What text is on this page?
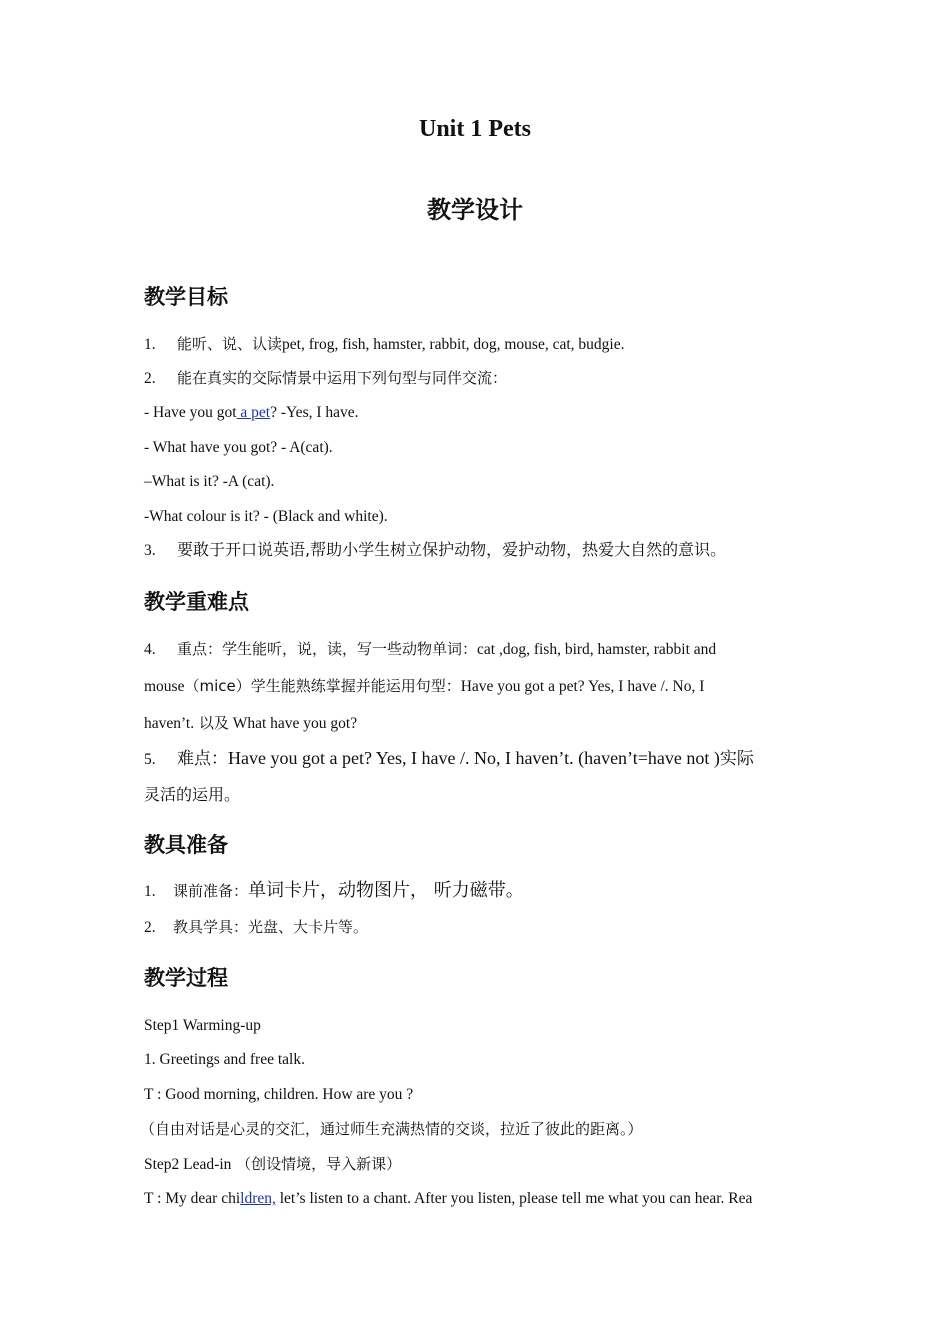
Unit 1 Pets
教学设计
教学目标
1. 能听、说、认读pet, frog, fish, hamster, rabbit, dog, mouse, cat, budgie.
2. 能在真实的交际情景中运用下列句型与同伴交流：
- Have you got a pet? -Yes, I have.
- What have you got? - A(cat).
–What is it? -A (cat).
-What colour is it? - (Black and white).
3. 要敢于开口说英语,帮助小学生树立保护动物，爱护动物，热爱大自然的意识。
教学重难点
4. 重点：学生能听，说，读，写一些动物单词：cat ,dog, fish, bird, hamster, rabbit and
mouse（mice）学生能熟练掌握并能运用句型：Have you got a pet? Yes, I have /. No, I
haven’t. 以及 What have you got?
5. 难点：Have you got a pet? Yes, I have /. No, I haven’t. (haven’t=have not )实际
灵活的运用。
教具准备
1. 课前准备：单词卡片，动物图片， 听力磁带。
2. 教具学具：光盘、大卡片等。
教学过程
Step1 Warming-up
1. Greetings and free talk.
T : Good morning, children. How are you ?
（自由对话是心灵的交汇，通过师生充满热情的交谈，拉近了彼此的距离。）
Step2 Lead-in （创设情境，导入新课）
T : My dear children, let’s listen to a chant. After you listen, please tell me what you can hear. Rea
